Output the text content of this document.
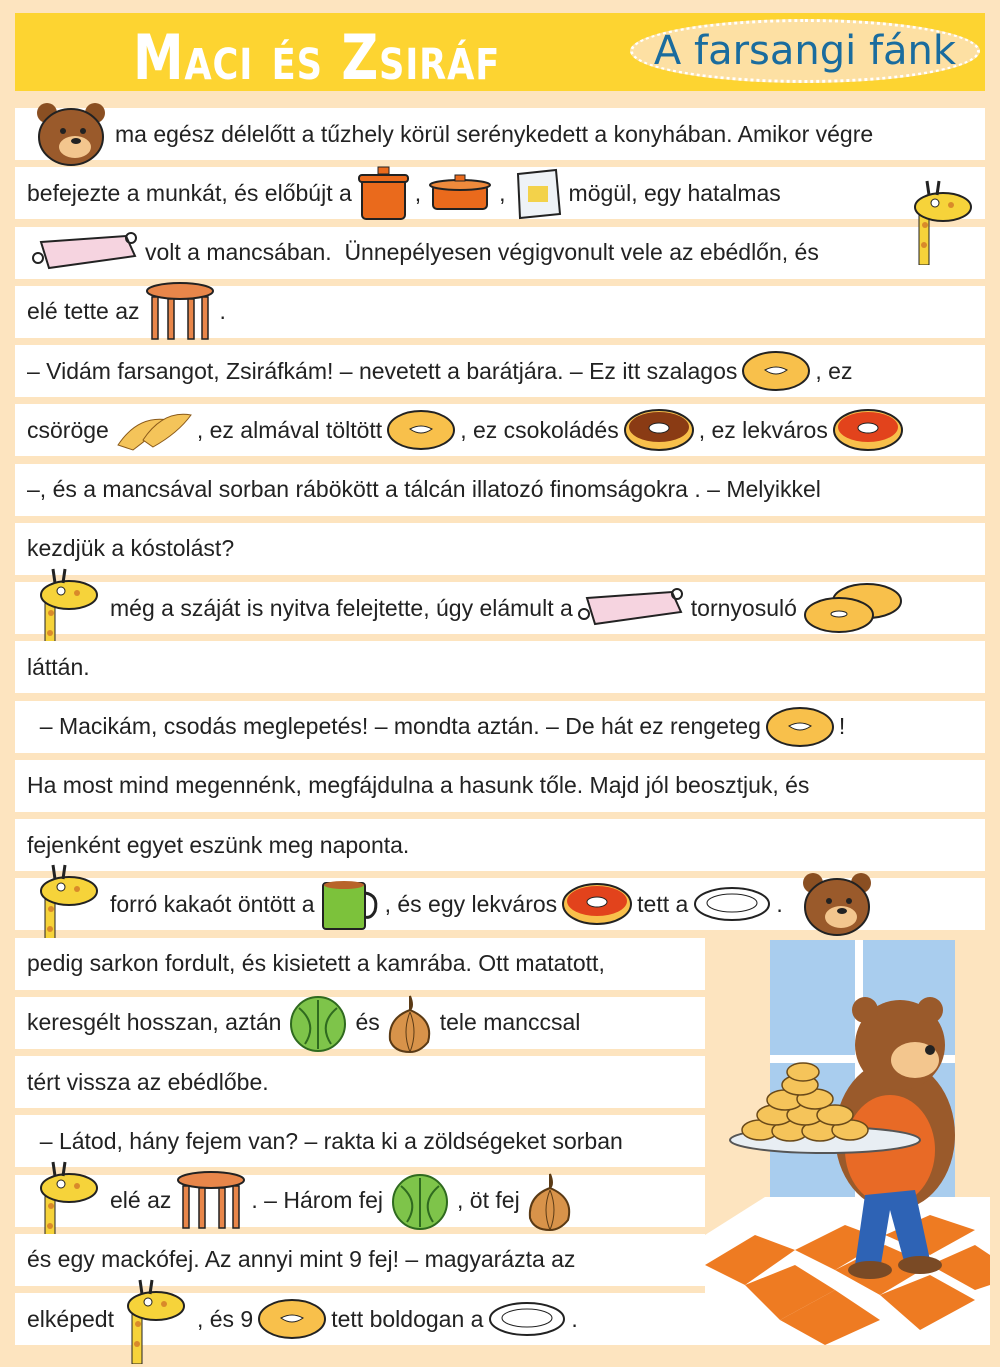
Maci és Zsiráf	A farsangi fánk
ma egész délelőtt a tűzhely körül serénykedett a konyhában. Amikor végre
befejezte a munkát, és előbújt a	,	,	mögül, egy hatalmas
volt a mancsában.  Ünnepélyesen végigvonult vele az ebédlőn, és
elé tette az	.
– Vidám farsangot, Zsiráfkám! – nevetett a barátjára. – Ez itt szalagos	, ez
csöröge	, ez almával töltött	, ez csokoládés	, ez lekváros
–, és a mancsával sorban rábökött a tálcán illatozó finomságokra . – Melyikkel
kezdjük a kóstolást?
még a száját is nyitva felejtette, úgy elámult a	tornyosuló
láttán.
– Macikám, csodás meglepetés! – mondta aztán. – De hát ez rengeteg	!
Ha most mind megennénk, megfájdulna a hasunk tőle. Majd jól beosztjuk, és
fejenként egyet eszünk meg naponta.
forró kakaót öntött a	, és egy lekváros	tett a	.
pedig sarkon fordult, és kisietett a kamrába. Ott matatott,
keresgélt hosszan, aztán	és	tele manccsal
tért vissza az ebédlőbe.
– Látod, hány fejem van? – rakta ki a zöldségeket sorban
elé az	. – Három fej	, öt fej
és egy mackófej. Az annyi mint 9 fej! – magyarázta az
elképedt	, és 9	tett boldogan a	.
